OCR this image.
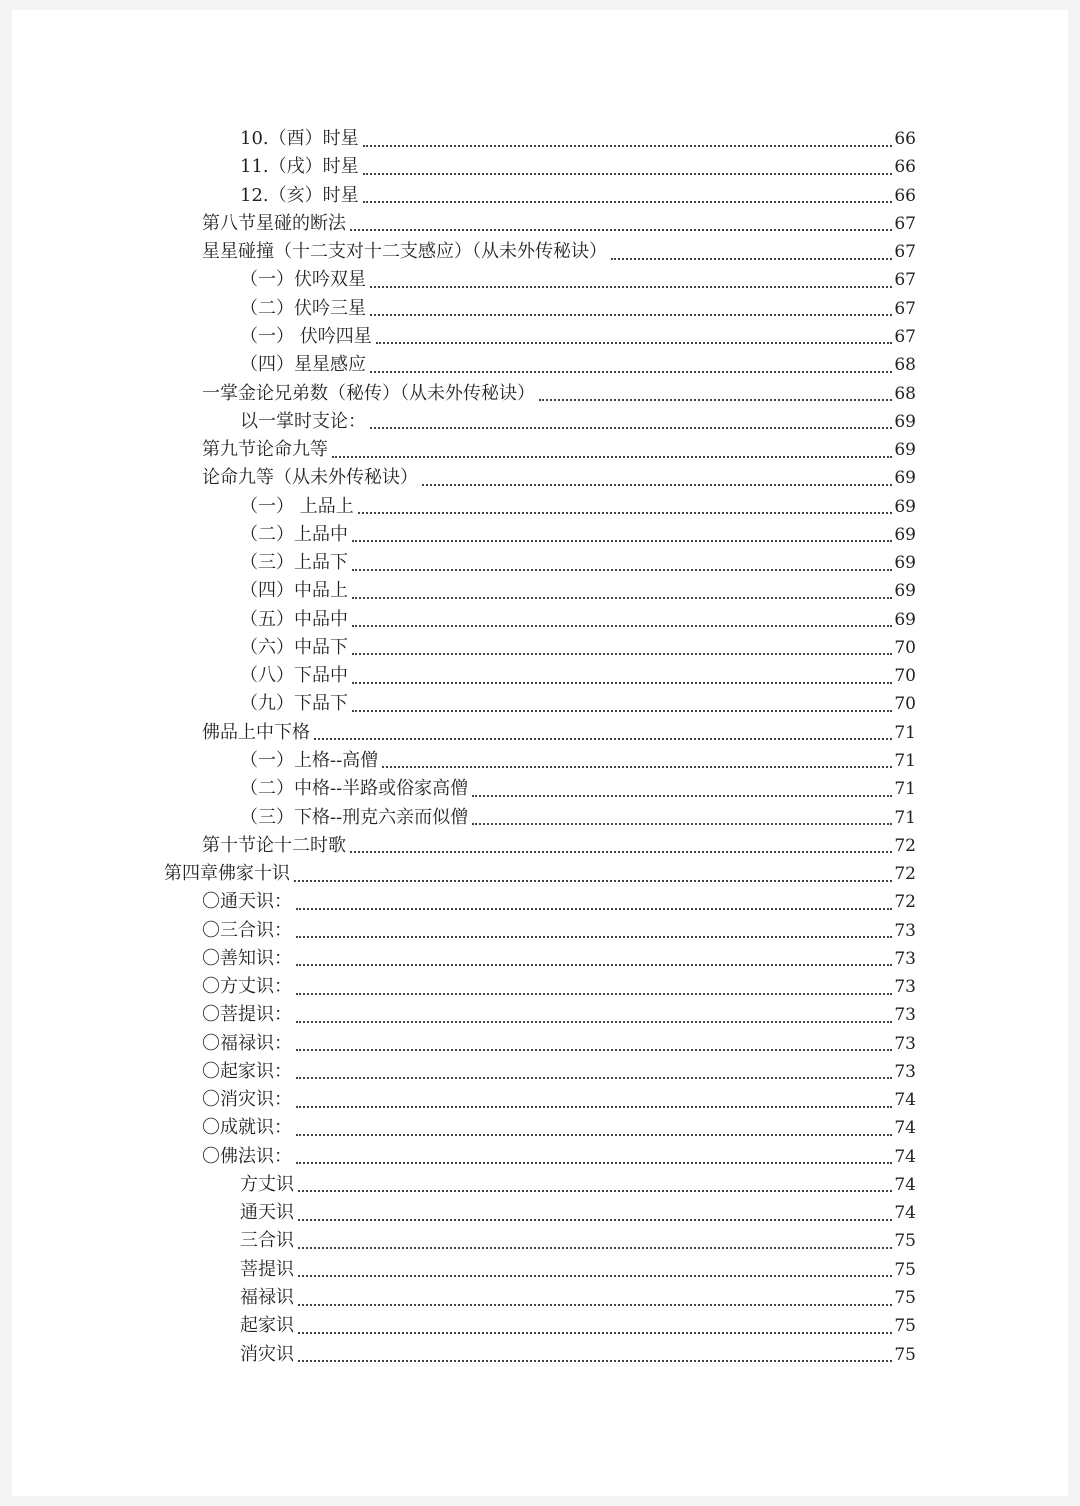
10.（酉）时星	66
11.（戌）时星	66
12.（亥）时星	66
第八节星碰的断法	67
星星碰撞（十二支对十二支感应）（从未外传秘诀）	67
（一）伏吟双星	67
（二）伏吟三星	67
（一） 伏吟四星	67
（四）星星感应	68
一掌金论兄弟数（秘传）（从未外传秘诀）	68
以一掌时支论：	69
第九节论命九等	69
论命九等（从未外传秘诀）	69
（一） 上品上	69
（二）上品中	69
（三）上品下	69
（四）中品上	69
（五）中品中	69
（六）中品下	70
（八）下品中	70
（九）下品下	70
佛品上中下格	71
（一）上格--高僧	71
（二）中格--半路或俗家高僧	71
（三）下格--刑克六亲而似僧	71
第十节论十二时歌	72
第四章佛家十识	72
〇通天识：	72
〇三合识：	73
〇善知识：	73
〇方丈识：	73
〇菩提识：	73
〇福禄识：	73
〇起家识：	73
〇消灾识：	74
〇成就识：	74
〇佛法识：	74
方丈识	74
通天识	74
三合识	75
菩提识	75
福禄识	75
起家识	75
消灾识	75
